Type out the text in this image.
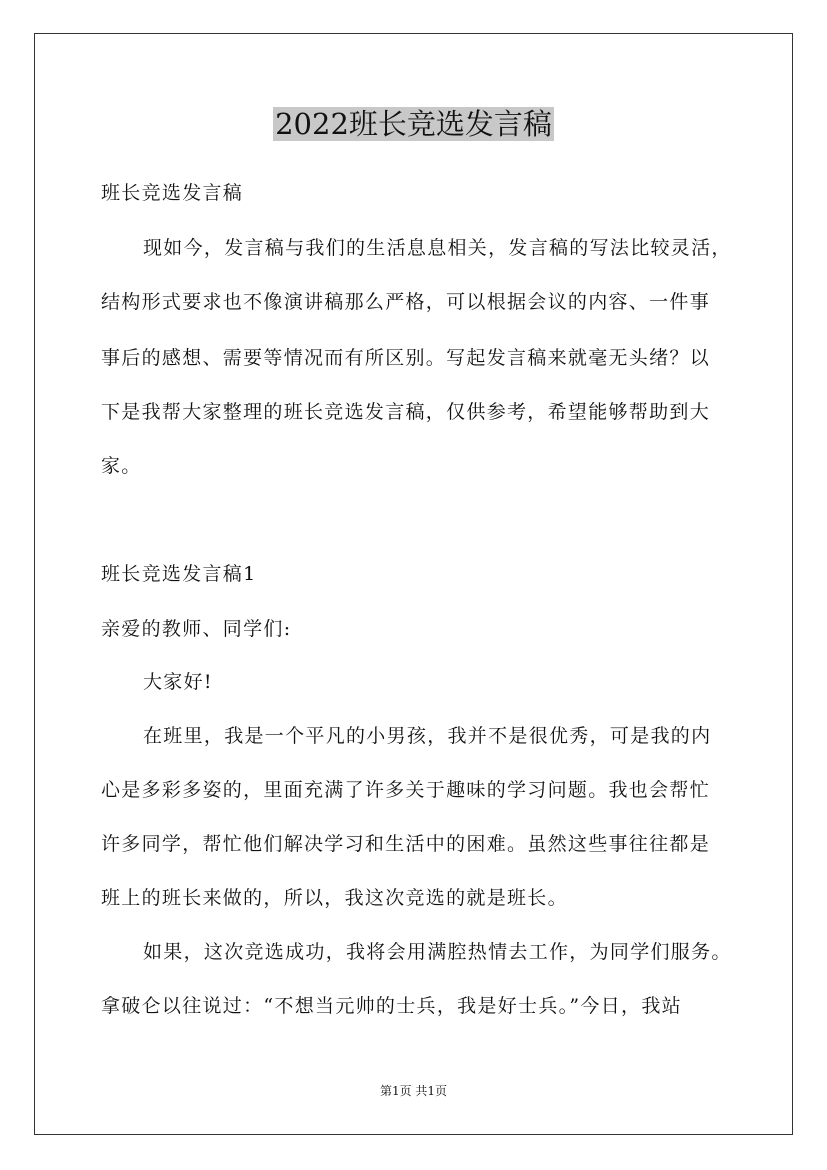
2022班长竞选发言稿
班长竞选发言稿
现如今，发言稿与我们的生活息息相关，发言稿的写法比较灵活，
结构形式要求也不像演讲稿那么严格，可以根据会议的内容、一件事
事后的感想、需要等情况而有所区别。写起发言稿来就毫无头绪？以
下是我帮大家整理的班长竞选发言稿，仅供参考，希望能够帮助到大
家。
班长竞选发言稿1
亲爱的教师、同学们:
大家好!
在班里，我是一个平凡的小男孩，我并不是很优秀，可是我的内
心是多彩多姿的，里面充满了许多关于趣味的学习问题。我也会帮忙
许多同学，帮忙他们解决学习和生活中的困难。虽然这些事往往都是
班上的班长来做的，所以，我这次竞选的就是班长。
如果，这次竞选成功，我将会用满腔热情去工作，为同学们服务。
拿破仑以往说过：“不想当元帅的士兵，我是好士兵。”今日，我站
第1页 共1页
